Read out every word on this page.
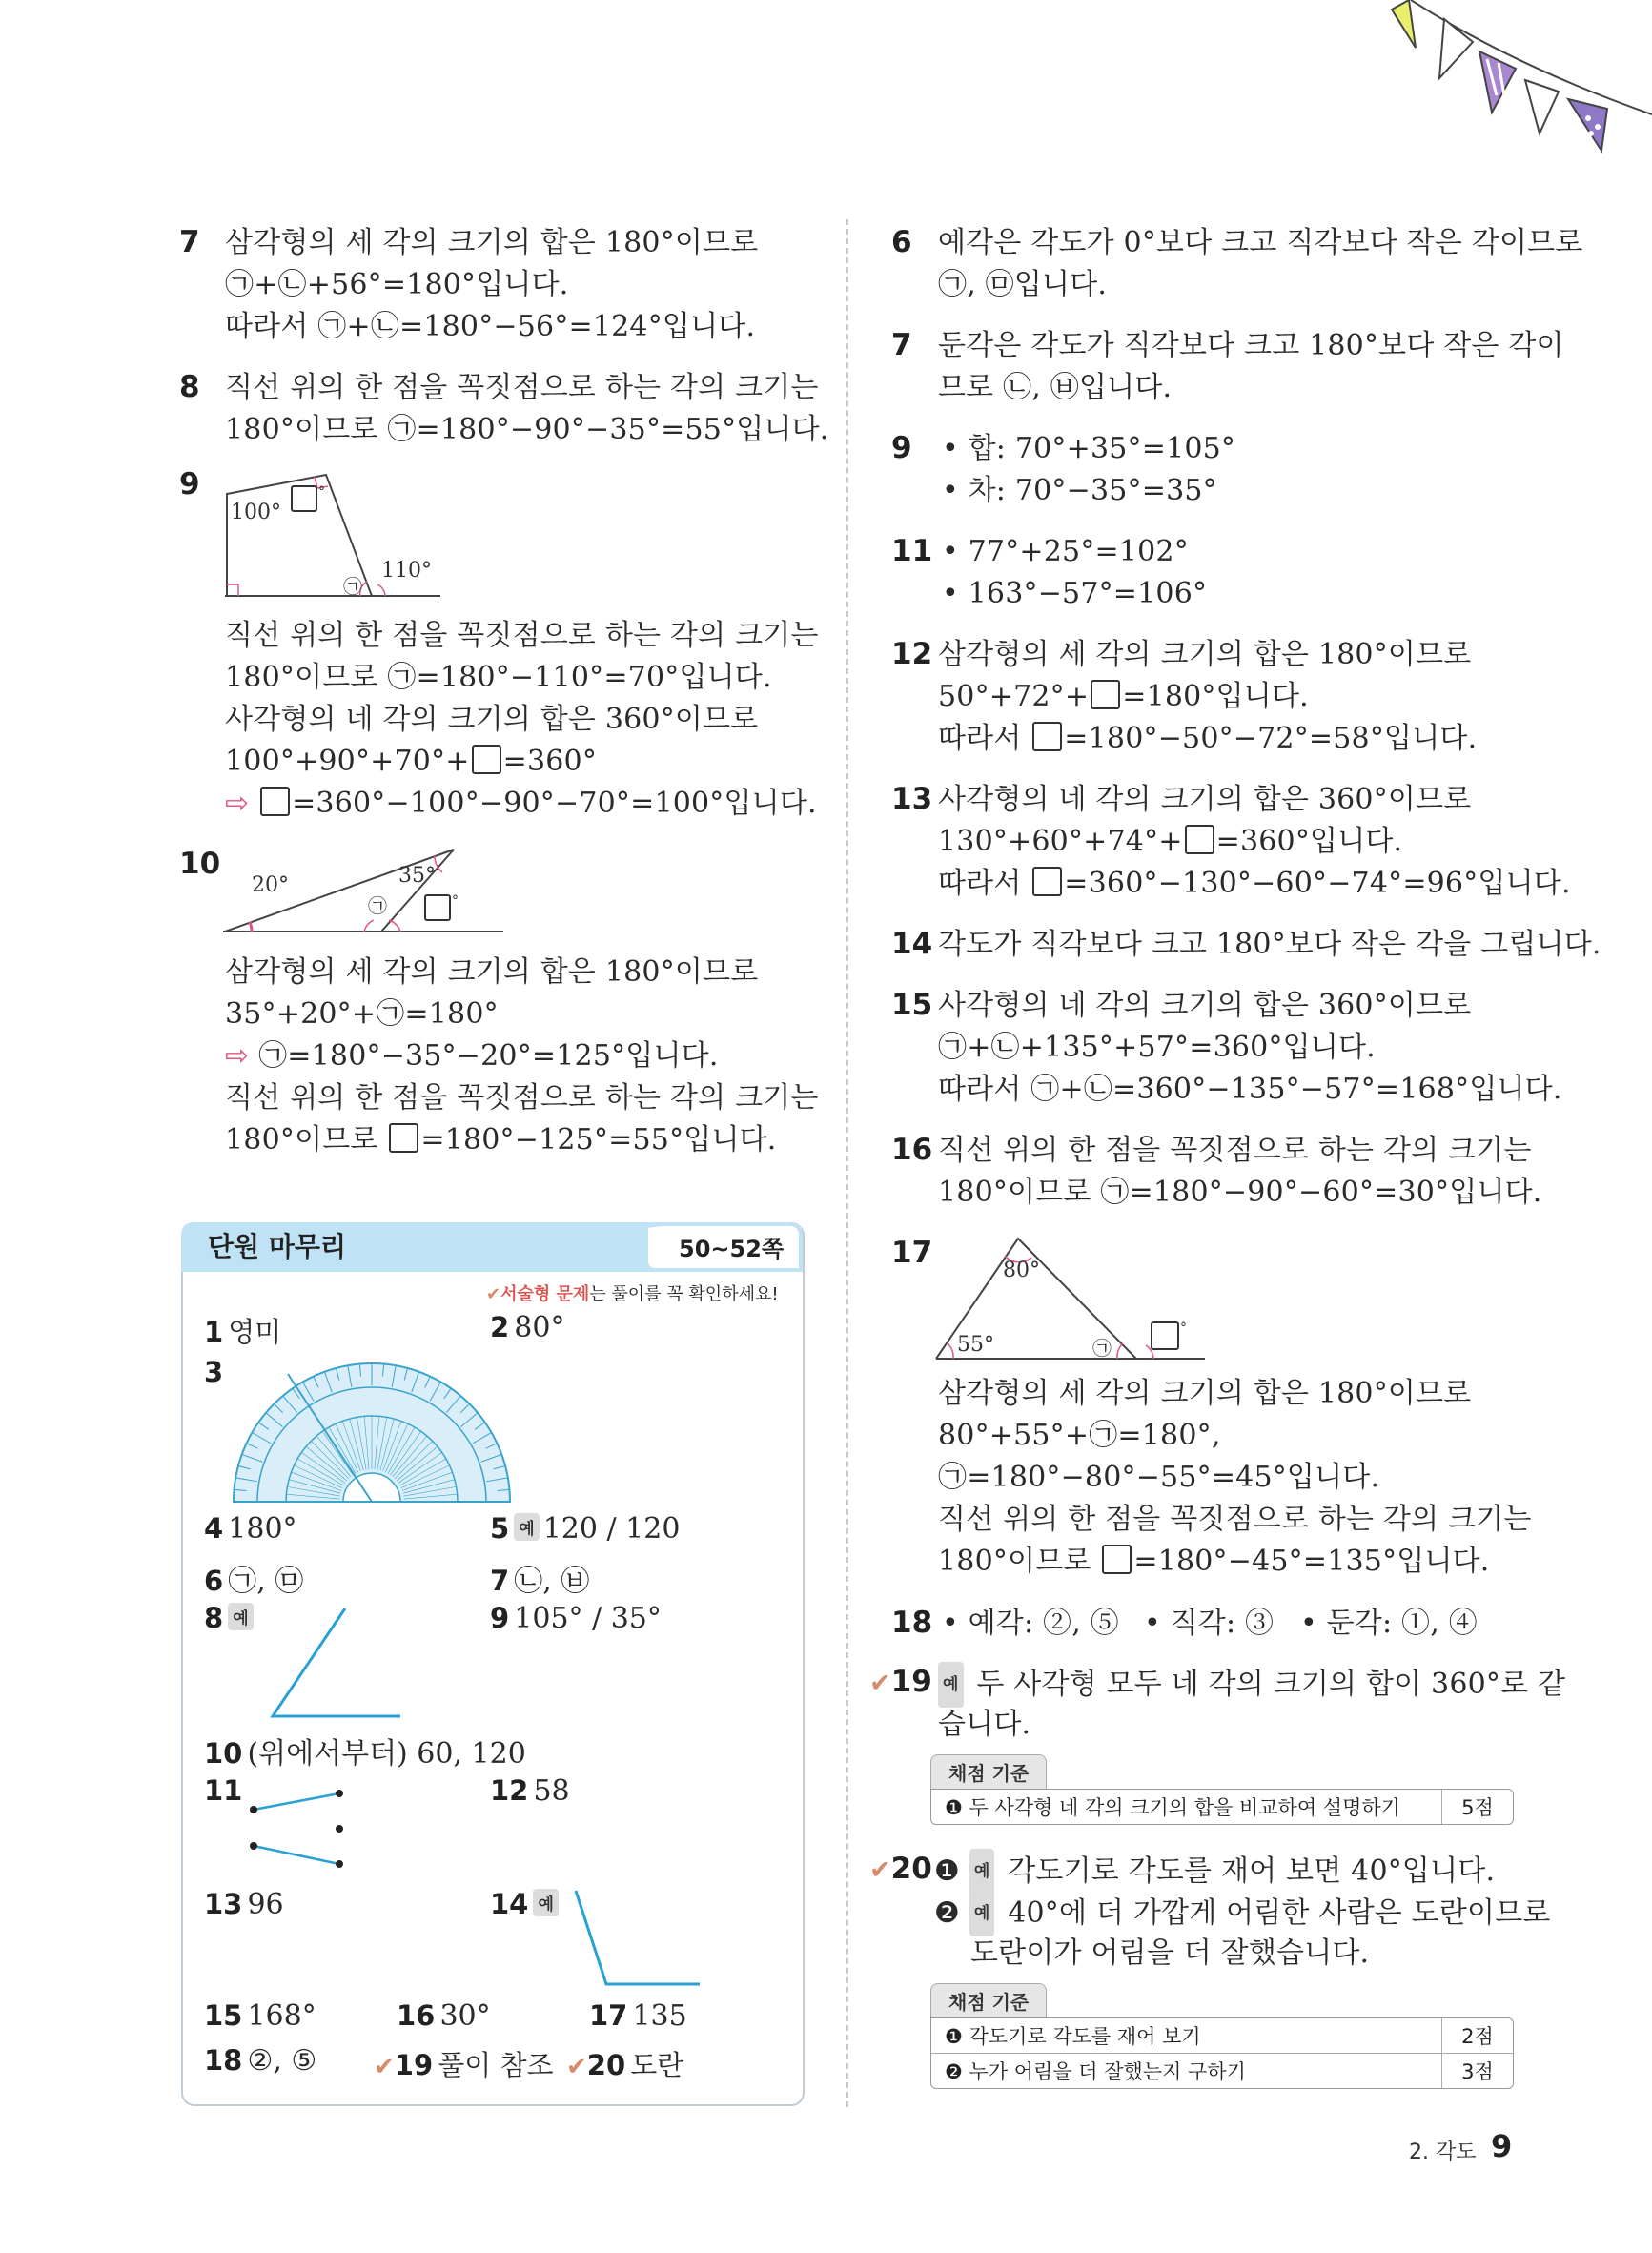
7 삼각형의 세 각의 크기의 합은 180°이므로
㉠+㉡+56°=180°입니다.
따라서 ㉠+㉡=180°−56°=124°입니다.
8 직선 위의 한 점을 꼭짓점으로 하는 각의 크기는
180°이므로 ㉠=180°−90°−35°=55°입니다.
9
100°
°
110°
㉠
직선 위의 한 점을 꼭짓점으로 하는 각의 크기는
180°이므로 ㉠=180°−110°=70°입니다.
사각형의 네 각의 크기의 합은 360°이므로
100°+90°+70°+ =360°
⇨ =360°−100°−90°−70°=100°입니다.
10
20°	35°
㉠	°
삼각형의 세 각의 크기의 합은 180°이므로
35°+20°+㉠=180°
⇨ ㉠=180°−35°−20°=125°입니다.
직선 위의 한 점을 꼭짓점으로 하는 각의 크기는
180°이므로 =180°−125°=55°입니다.
단원 마무리	50~52쪽
✔서술형 문제는 풀이를 꼭 확인하세요!
1 영미	2 80°
3
4 180°	5 예 120 / 120
6 ㉠, ㉤	7 ㉡, ㉥
8 예	9 105° / 35°
10 (위에서부터) 60, 120
11	12 58
13 96	14 예
15 168°	16 30°	17 135
18 ②, ⑤ ✔19 풀이 참조 ✔20 도란
6 예각은 각도가 0°보다 크고 직각보다 작은 각이므로
㉠, ㉤입니다.
7 둔각은 각도가 직각보다 크고 180°보다 작은 각이
므로 ㉡, ㉥입니다.
9 • 합: 70°+35°=105°
• 차: 70°−35°=35°
11 • 77°+25°=102°
• 163°−57°=106°
12 삼각형의 세 각의 크기의 합은 180°이므로
50°+72°+ =180°입니다.
따라서 =180°−50°−72°=58°입니다.
13 사각형의 네 각의 크기의 합은 360°이므로
130°+60°+74°+ =360°입니다.
따라서 =360°−130°−60°−74°=96°입니다.
14 각도가 직각보다 크고 180°보다 작은 각을 그립니다.
15 사각형의 네 각의 크기의 합은 360°이므로
㉠+㉡+135°+57°=360°입니다.
따라서 ㉠+㉡=360°−135°−57°=168°입니다.
16 직선 위의 한 점을 꼭짓점으로 하는 각의 크기는
180°이므로 ㉠=180°−90°−60°=30°입니다.
17
80°
55°	㉠
°
삼각형의 세 각의 크기의 합은 180°이므로
80°+55°+㉠=180°,
㉠=180°−80°−55°=45°입니다.
직선 위의 한 점을 꼭짓점으로 하는 각의 크기는
180°이므로 =180°−45°=135°입니다.
18 • 예각: ②, ⑤ • 직각: ③ • 둔각: ①, ④
✔19 예 두 사각형 모두 네 각의 크기의 합이 360°로 같
습니다.
채점 기준
❶ 두 사각형 네 각의 크기의 합을 비교하여 설명하기	5점
✔20 ❶ 예 각도기로 각도를 재어 보면 40°입니다.
❷ 예 40°에 더 가깝게 어림한 사람은 도란이므로
도란이가 어림을 더 잘했습니다.
채점 기준
❶ 각도기로 각도를 재어 보기	2점
❷ 누가 어림을 더 잘했는지 구하기	3점
2. 각도 9
